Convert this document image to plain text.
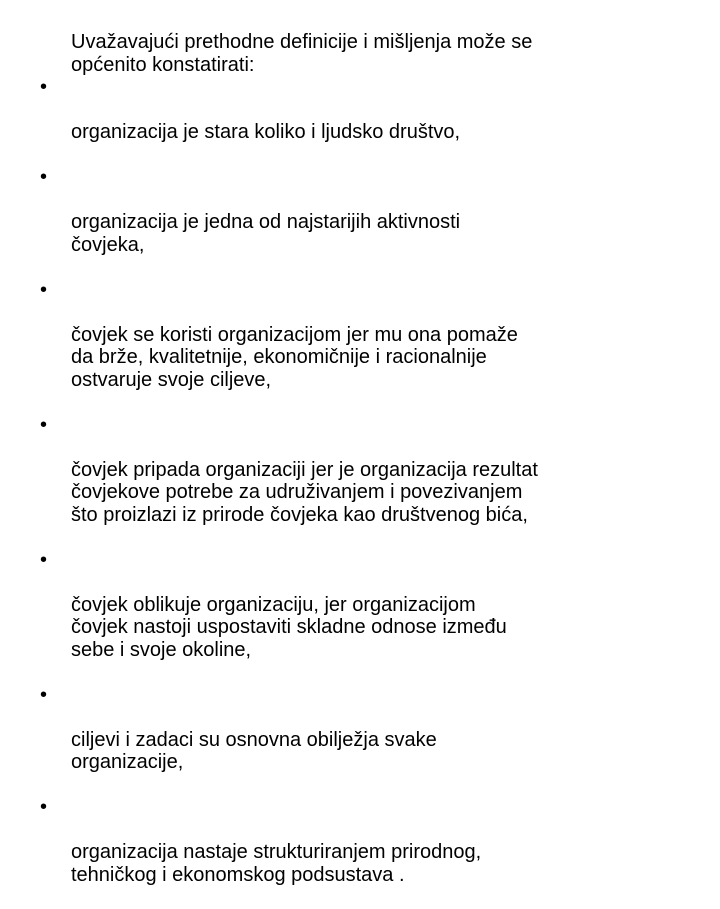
Uvažavajući prethodne definicije i mišljenja može se
općenito konstatirati:

•

organizacija je stara koliko i ljudsko društvo,

•

organizacija je jedna od najstarijih aktivnosti
čovjeka,

•

čovjek se koristi organizacijom jer mu ona pomaže
da brže, kvalitetnije, ekonomičnije i racionalnije
ostvaruje svoje ciljeve,

•

čovjek pripada organizaciji jer je organizacija rezultat
čovjekove potrebe za udruživanjem i povezivanjem
što proizlazi iz prirode čovjeka kao društvenog bića,

•

čovjek oblikuje organizaciju, jer organizacijom
čovjek nastoji uspostaviti skladne odnose između
sebe i svoje okoline,

•

ciljevi i zadaci su osnovna obilježja svake
organizacije,

•

organizacija nastaje strukturiranjem prirodnog,
tehničkog i ekonomskog podsustava .
